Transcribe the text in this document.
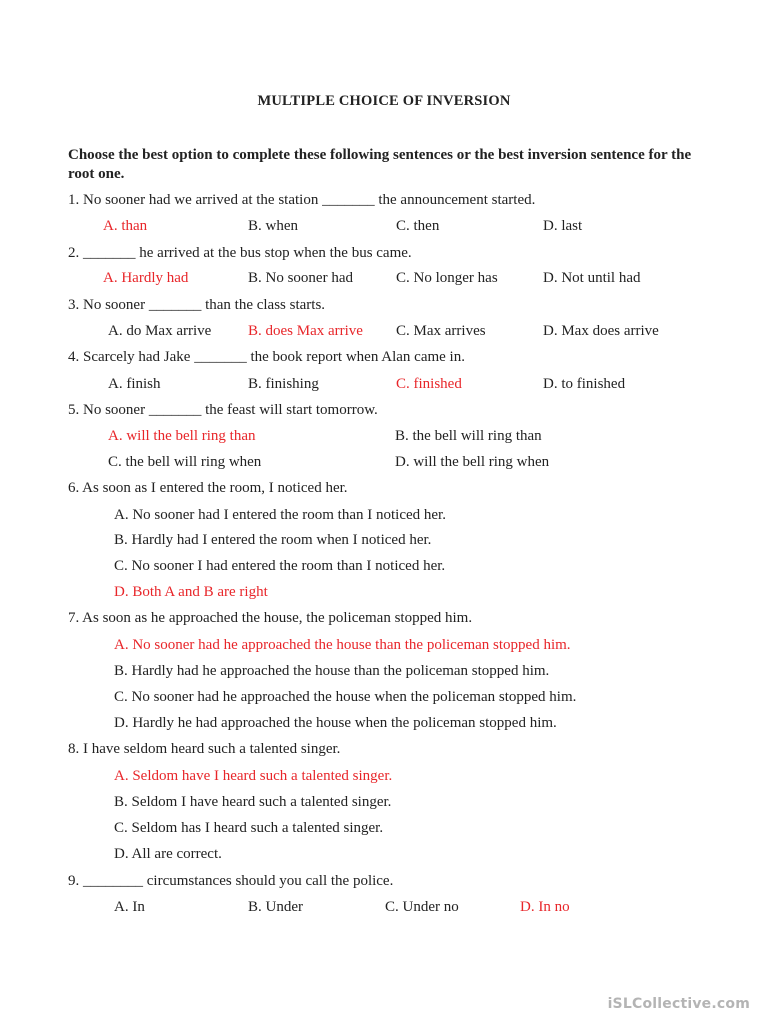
MULTIPLE CHOICE OF INVERSION
Choose the best option to complete these following sentences or the best inversion sentence for the root one.
1. No sooner had we arrived at the station _______ the announcement started.
A. than	B. when	C. then	D. last
2. _______ he arrived at the bus stop when the bus came.
A. Hardly had	B. No sooner had	C. No longer has	D. Not until had
3. No sooner _______ than the class starts.
A. do Max arrive B. does Max arrive C. Max arrives	D. Max does arrive
4. Scarcely had Jake _______ the book report when Alan came in.
A. finish	B. finishing	C. finished	D. to finished
5. No sooner _______ the feast will start tomorrow.
A. will the bell ring than	B. the bell will ring than
C. the bell will ring when	D. will the bell ring when
6. As soon as I entered the room, I noticed her.
A. No sooner had I entered the room than I noticed her.
B. Hardly had I entered the room when I noticed her.
C. No sooner I had entered the room than I noticed her.
D. Both A and B are right
7. As soon as he approached the house, the policeman stopped him.
A. No sooner had he approached the house than the policeman stopped him.
B. Hardly had he approached the house than the policeman stopped him.
C. No sooner had he approached the house when the policeman stopped him.
D. Hardly he had approached the house when the policeman stopped him.
8. I have seldom heard such a talented singer.
A. Seldom have I heard such a talented singer.
B. Seldom I have heard such a talented singer.
C. Seldom has I heard such a talented singer.
D. All are correct.
9. ________ circumstances should you call the police.
A. In	B. Under	C. Under no	D. In no
iSLCollective.com
